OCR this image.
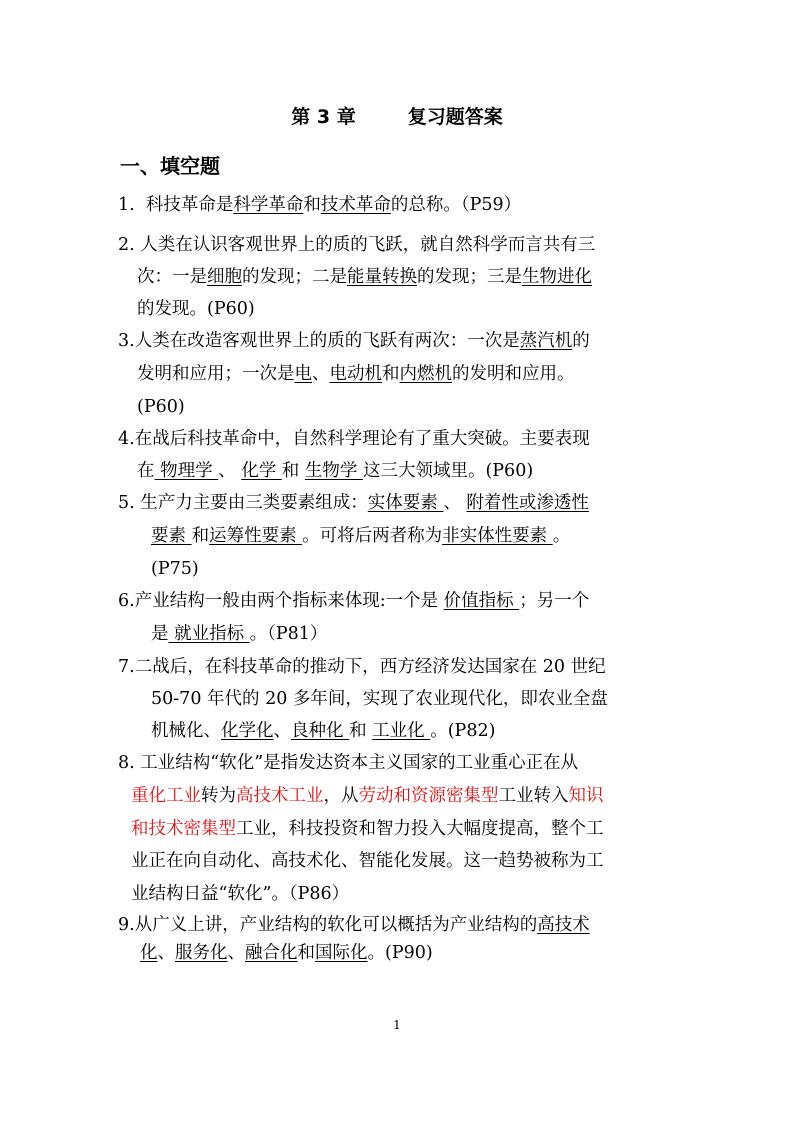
第 3 章	复习题答案
一、填空题
1. 科技革命是科学革命和技术革命的总称。（P59）
2. 人类在认识客观世界上的质的飞跃，就自然科学而言共有三
次：一是细胞的发现；二是能量转换的发现；三是生物进化
的发现。(P60)
3.人类在改造客观世界上的质的飞跃有两次：一次是蒸汽机的
发明和应用；一次是电、电动机和内燃机的发明和应用。
(P60)
4.在战后科技革命中，自然科学理论有了重大突破。主要表现
在 物理学 、 化学 和 生物学 这三大领域里。(P60)
5. 生产力主要由三类要素组成：实体要素 、 附着性或渗透性
要素 和运筹性要素 。可将后两者称为非实体性要素 。
(P75)
6.产业结构一般由两个指标来体现:一个是 价值指标 ；另一个
是 就业指标 。（P81）
7.二战后，在科技革命的推动下，西方经济发达国家在 20 世纪
50-70 年代的 20 多年间，实现了农业现代化，即农业全盘
机械化、化学化、良种化 和 工业化 。(P82)
8. 工业结构“软化”是指发达资本主义国家的工业重心正在从
重化工业转为高技术工业，从劳动和资源密集型工业转入知识
和技术密集型工业，科技投资和智力投入大幅度提高，整个工
业正在向自动化、高技术化、智能化发展。这一趋势被称为工
业结构日益“软化”。（P86）
9.从广义上讲，产业结构的软化可以概括为产业结构的高技术
化、服务化、融合化和国际化。(P90)
1
